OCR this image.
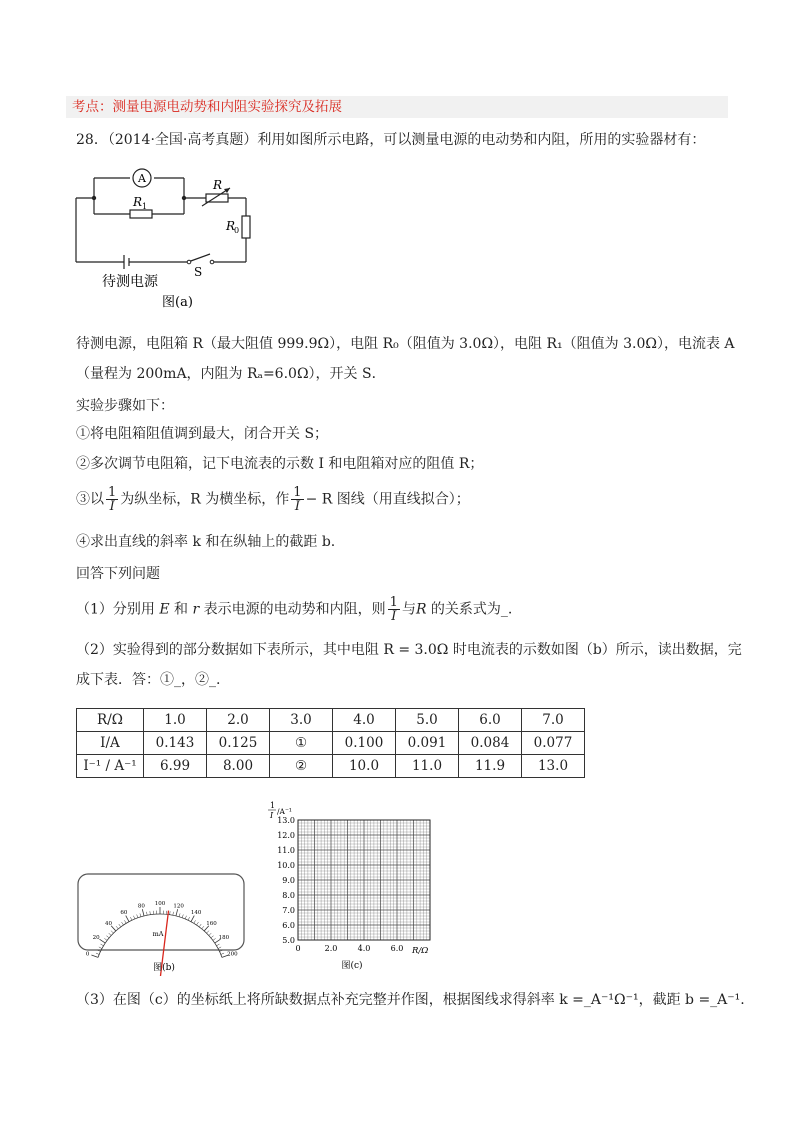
考点：测量电源电动势和内阻实验探究及拓展
28．（2014·全国·高考真题）利用如图所示电路，可以测量电源的电动势和内阻，所用的实验器材有：
A	R
R 1
R
0
S
待测电源
图(a)
待测电源，电阻箱 R（最大阻值 999.9Ω），电阻 R₀（阻值为 3.0Ω），电阻 R₁（阻值为 3.0Ω），电流表 A
（量程为 200mA，内阻为 Rₐ=6.0Ω），开关 S．
实验步骤如下：
①将电阻箱阻值调到最大，闭合开关 S；
②多次调节电阻箱，记下电流表的示数 I 和电阻箱对应的阻值 R；
③以 $\frac{1}{I}$ 为纵坐标，R 为横坐标，作 $\frac{1}{I} - R$ 图线（用直线拟合）；
④求出直线的斜率 k 和在纵轴上的截距 b.
回答下列问题
（1）分别用 E 和 r 表示电源的电动势和内阻，则 $\frac{1}{I}$ 与R 的关系式为_.
（2）实验得到的部分数据如下表所示，其中电阻 R = 3.0Ω 时电流表的示数如图（b）所示，读出数据，完
成下表．答：①_，②_.
R/Ω	1.0	2.0	3.0	4.0	5.0	6.0	7.0
I/A	0.143	0.125	①	0.100	0.091	0.084	0.077
I⁻¹ / A⁻¹	6.99	8.00	②	10.0	11.0	11.9	13.0
0
20
40
60
80 100 120
140
160
180
200
mA
图(b)
1
I /A⁻¹
5.0
6.0
7.0
8.0
9.0
10.0
11.0
12.0
13.0
0	2.0	4.0	6.0 R/Ω
图(c)
（3）在图（c）的坐标纸上将所缺数据点补充完整并作图，根据图线求得斜率 k =_A⁻¹Ω⁻¹，截距 b =_A⁻¹.
